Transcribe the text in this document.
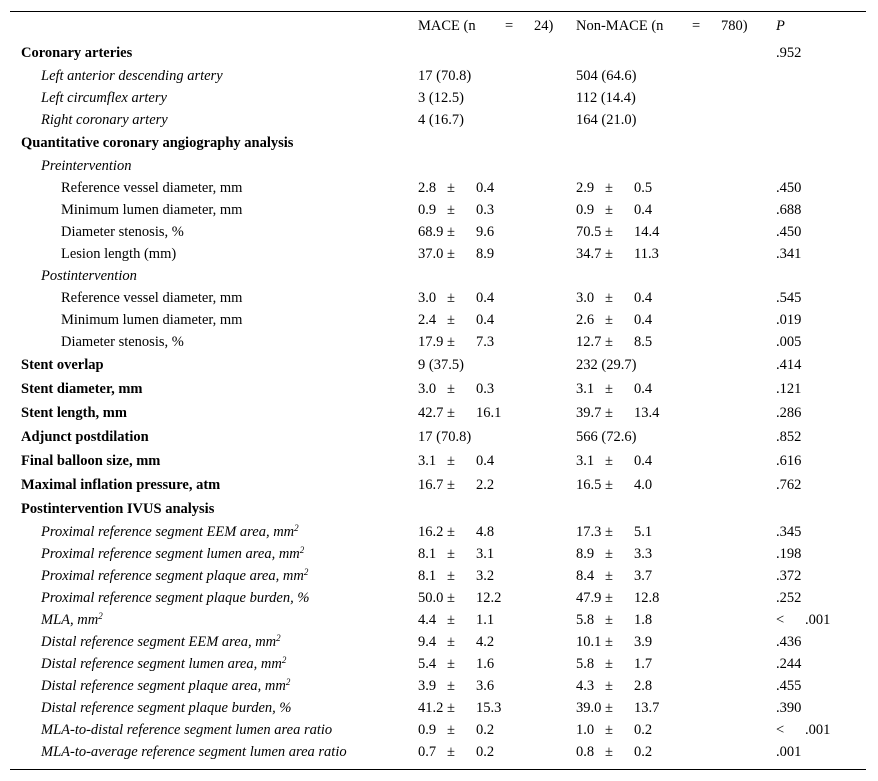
MACE (n	=	24) Non-MACE (n	=	780) P
Coronary arteries	.952
Left anterior descending artery	17 (70.8)	504 (64.6)
Left circumflex artery	3 (12.5)	112 (14.4)
Right coronary artery	4 (16.7)	164 (21.0)
Quantitative coronary angiography analysis
Preintervention
Reference vessel diameter, mm	2.8	±	0.4	2.9	±	0.5	.450
Minimum lumen diameter, mm	0.9	±	0.3	0.9	±	0.4	.688
Diameter stenosis, %	68.9	±	9.6	70.5	±	14.4	.450
Lesion length (mm)	37.0	±	8.9	34.7	±	11.3	.341
Postintervention
Reference vessel diameter, mm	3.0	±	0.4	3.0	±	0.4	.545
Minimum lumen diameter, mm	2.4	±	0.4	2.6	±	0.4	.019
Diameter stenosis, %	17.9	±	7.3	12.7	±	8.5	.005
Stent overlap	9 (37.5)	232 (29.7)	.414
Stent diameter, mm	3.0	±	0.3	3.1	±	0.4	.121
Stent length, mm	42.7	±	16.1	39.7	±	13.4	.286
Adjunct postdilation	17 (70.8)	566 (72.6)	.852
Final balloon size, mm	3.1	±	0.4	3.1	±	0.4	.616
Maximal inflation pressure, atm	16.7	±	2.2	16.5	±	4.0	.762
Postintervention IVUS analysis
Proximal reference segment EEM area, $mm^2$	16.2	±	4.8	17.3	±	5.1	.345
Proximal reference segment lumen area, $mm^2$	8.1	±	3.1	8.9	±	3.3	.198
Proximal reference segment plaque area, $mm^2$	8.1	±	3.2	8.4	±	3.7	.372
Proximal reference segment plaque burden, %	50.0	±	12.2	47.9	±	12.8	.252
MLA, $mm^2$	4.4	±	1.1	5.8	±	1.8	<	.001
Distal reference segment EEM area, $mm^2$	9.4	±	4.2	10.1	±	3.9	.436
Distal reference segment lumen area, $mm^2$	5.4	±	1.6	5.8	±	1.7	.244
Distal reference segment plaque area, $mm^2$	3.9	±	3.6	4.3	±	2.8	.455
Distal reference segment plaque burden, %	41.2	±	15.3	39.0	±	13.7	.390
MLA-to-distal reference segment lumen area ratio	0.9	±	0.2	1.0	±	0.2	<	.001
MLA-to-average reference segment lumen area ratio	0.7	±	0.2	0.8	±	0.2	.001
